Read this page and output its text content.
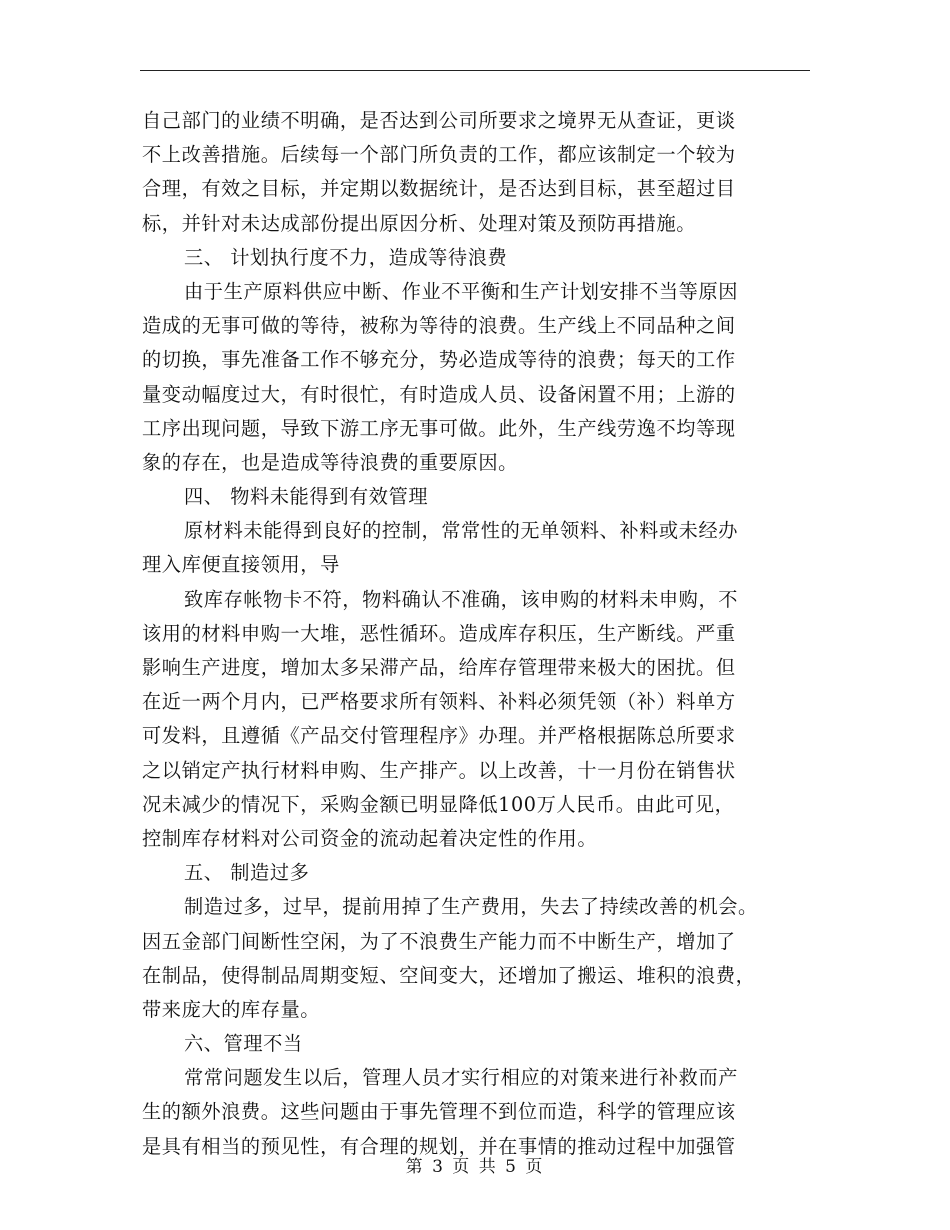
自己部门的业绩不明确，是否达到公司所要求之境界无从查证，更谈
不上改善措施。后续每一个部门所负责的工作，都应该制定一个较为
合理，有效之目标，并定期以数据统计，是否达到目标，甚至超过目
标，并针对未达成部份提出原因分析、处理对策及预防再措施。
三、 计划执行度不力，造成等待浪费
由于生产原料供应中断、作业不平衡和生产计划安排不当等原因
造成的无事可做的等待，被称为等待的浪费。生产线上不同品种之间
的切换，事先准备工作不够充分，势必造成等待的浪费；每天的工作
量变动幅度过大，有时很忙，有时造成人员、设备闲置不用；上游的
工序出现问题，导致下游工序无事可做。此外，生产线劳逸不均等现
象的存在，也是造成等待浪费的重要原因。
四、 物料未能得到有效管理
原材料未能得到良好的控制，常常性的无单领料、补料或未经办
理入库便直接领用，导
致库存帐物卡不符，物料确认不准确，该申购的材料未申购，不
该用的材料申购一大堆，恶性循环。造成库存积压，生产断线。严重
影响生产进度，增加太多呆滞产品，给库存管理带来极大的困扰。但
在近一两个月内，已严格要求所有领料、补料必须凭领（补）料单方
可发料，且遵循《产品交付管理程序》办理。并严格根据陈总所要求
之以销定产执行材料申购、生产排产。以上改善，十一月份在销售状
况未减少的情况下，采购金额已明显降低100万人民币。由此可见，
控制库存材料对公司资金的流动起着决定性的作用。
五、 制造过多
制造过多，过早，提前用掉了生产费用，失去了持续改善的机会。
因五金部门间断性空闲，为了不浪费生产能力而不中断生产，增加了
在制品，使得制品周期变短、空间变大，还增加了搬运、堆积的浪费，
带来庞大的库存量。
六、管理不当
常常问题发生以后，管理人员才实行相应的对策来进行补救而产
生的额外浪费。这些问题由于事先管理不到位而造，科学的管理应该
是具有相当的预见性，有合理的规划，并在事情的推动过程中加强管
第 3 页 共 5 页
